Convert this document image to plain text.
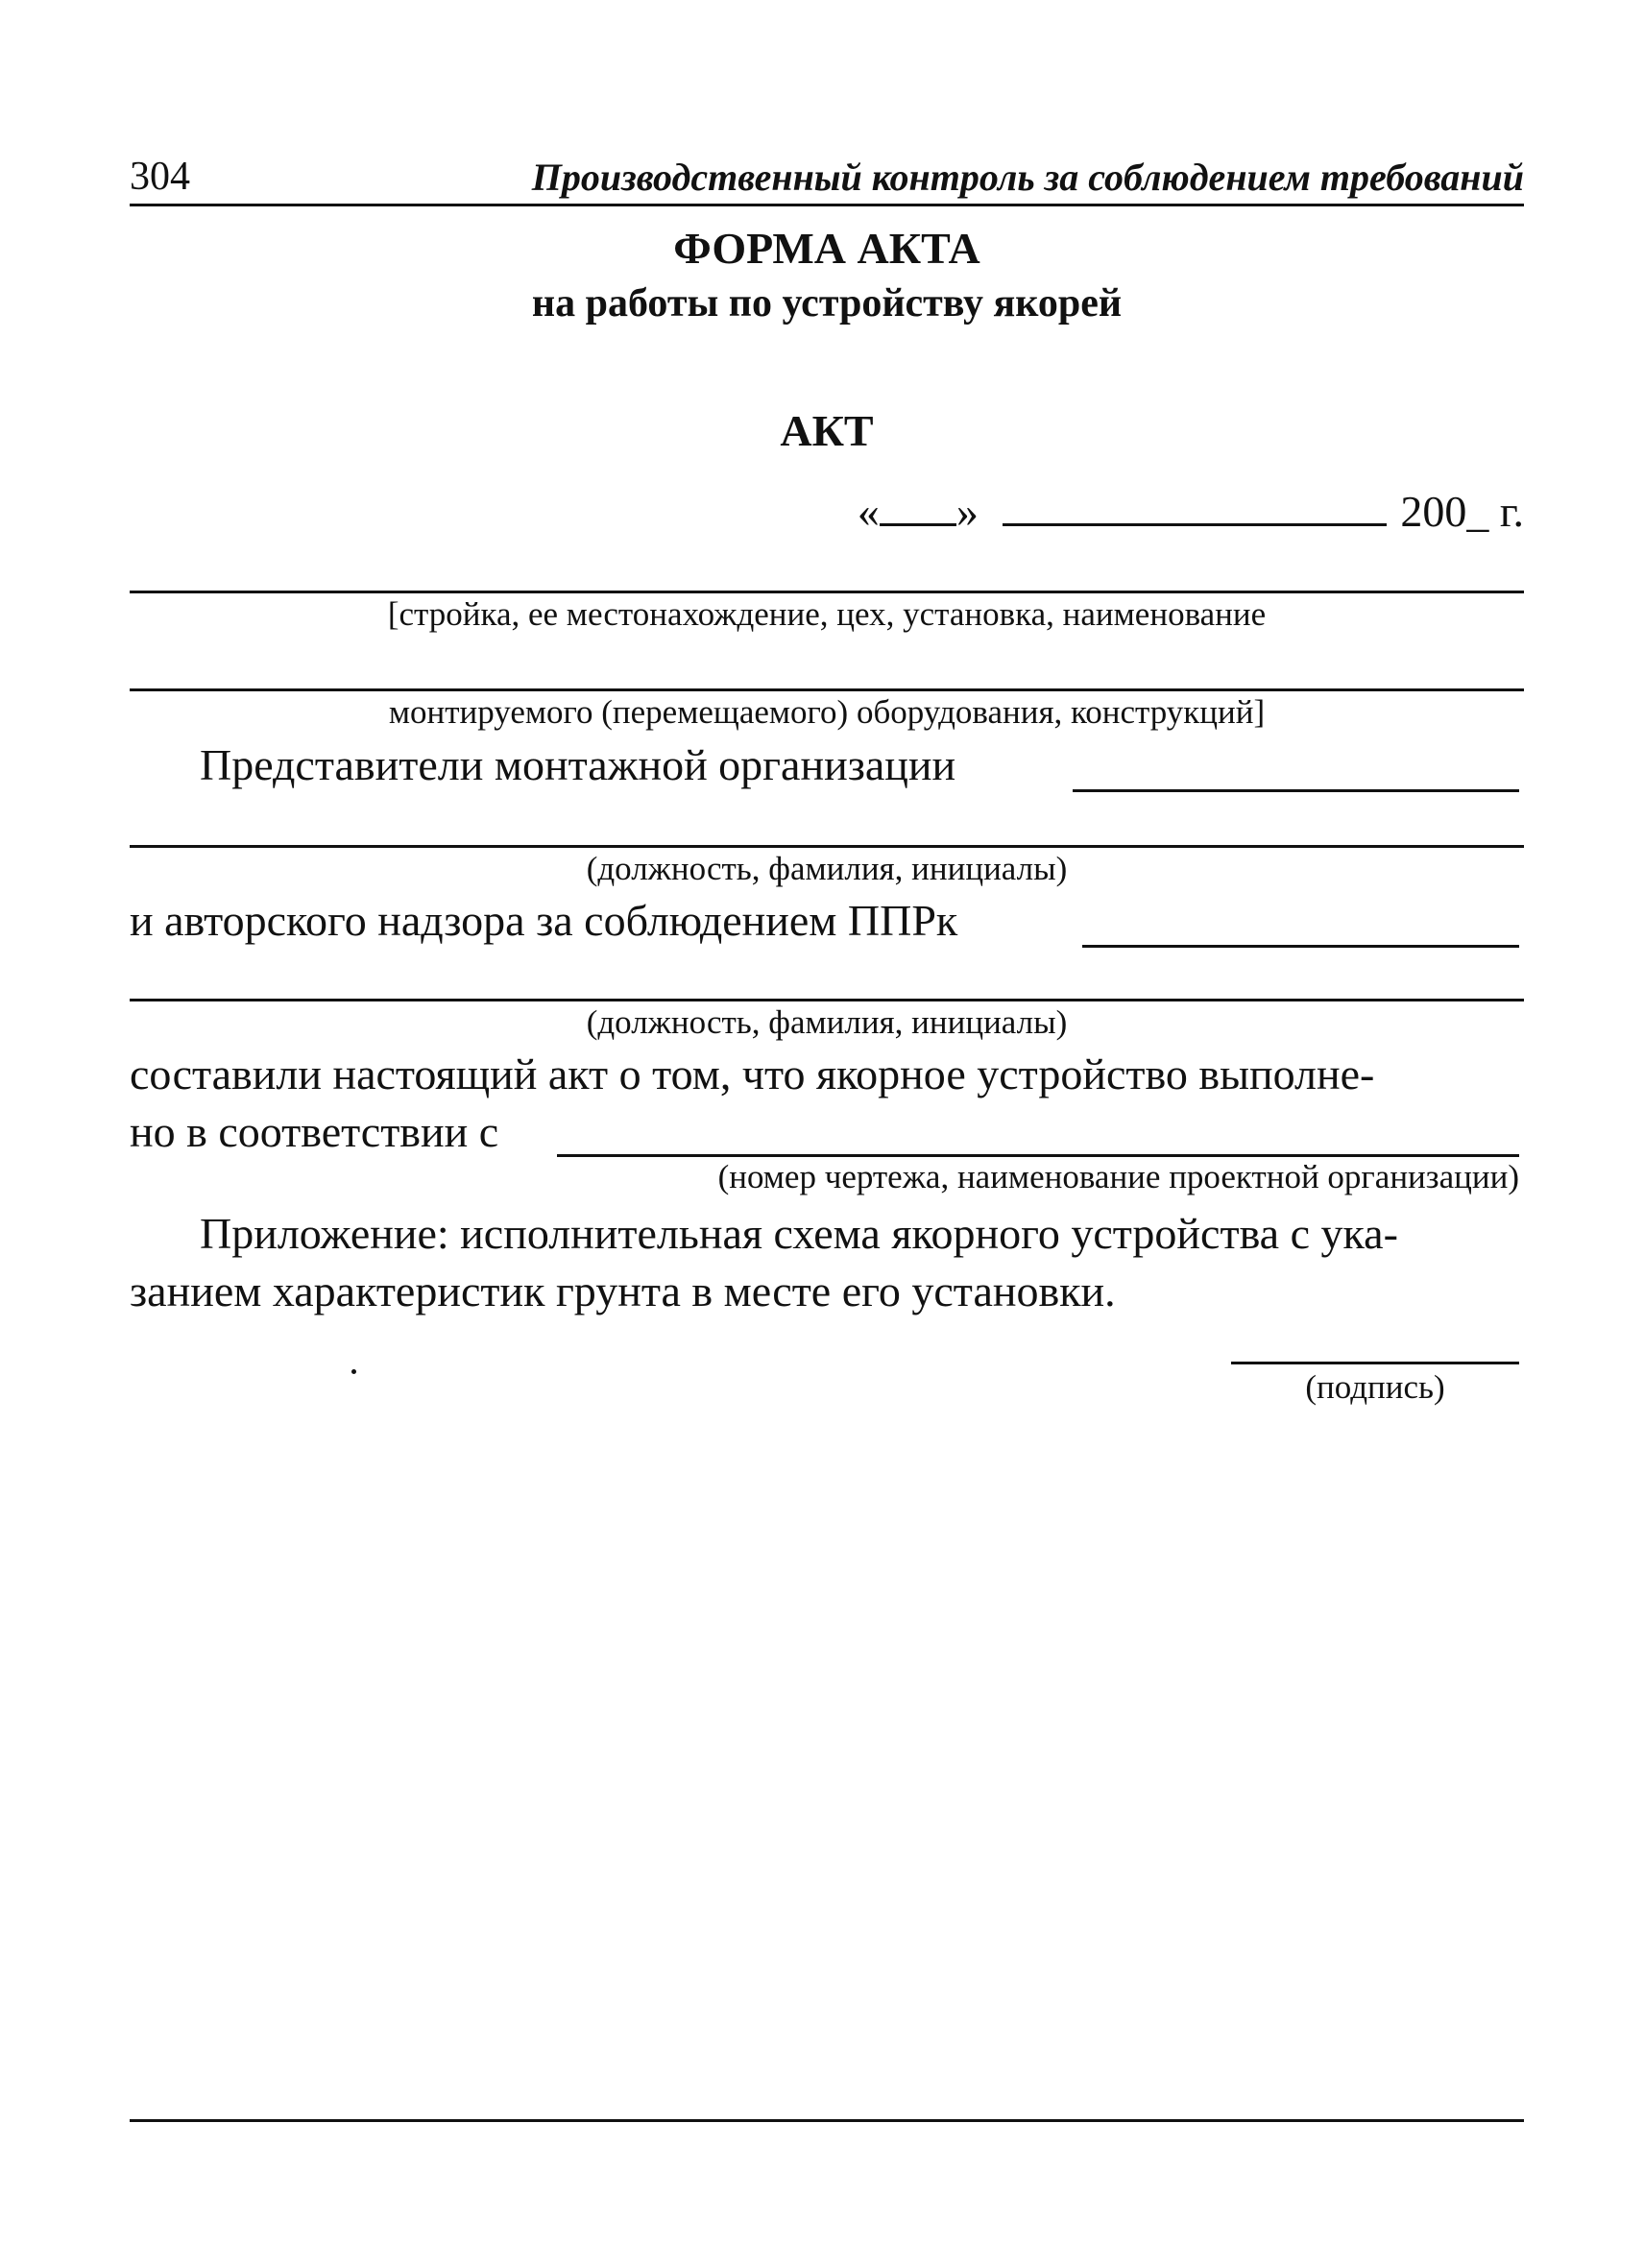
304	Производственный контроль за соблюдением требований
ФОРМА АКТА
на работы по устройству якорей
АКТ
« »	200_ г.
[стройка, ее местонахождение, цех, установка, наименование
монтируемого (перемещаемого) оборудования, конструкций]
Представители монтажной организации
(должность, фамилия, инициалы)
и авторского надзора за соблюдением ППРк
(должность, фамилия, инициалы)
составили настоящий акт о том, что якорное устройство выполне-
но в соответствии с
(номер чертежа, наименование проектной организации)
Приложение: исполнительная схема якорного устройства с ука-
занием характеристик грунта в месте его установки.
(подпись)
